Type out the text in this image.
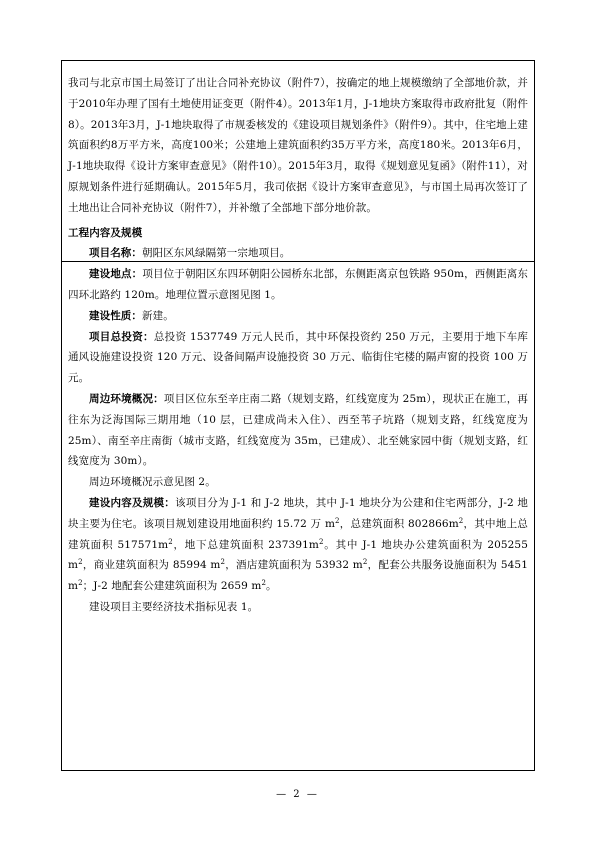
我司与北京市国土局签订了出让合同补充协议（附件7），按确定的地上规模缴纳了全部地价款，并于2010年办理了国有土地使用证变更（附件4）。2013年1月，J-1地块方案取得市政府批复（附件8）。2013年3月，J-1地块取得了市规委核发的《建设项目规划条件》（附件9）。其中，住宅地上建筑面积约8万平方米，高度100米；公建地上建筑面积约35万平方米，高度180米。2013年6月，J-1地块取得《设计方案审查意见》（附件10）。2015年3月，取得《规划意见复函》（附件11），对原规划条件进行延期确认。2015年5月，我司依据《设计方案审查意见》，与市国土局再次签订了土地出让合同补充协议（附件7），并补缴了全部地下部分地价款。

工程内容及规模

项目名称：朝阳区东风绿隔第一宗地项目。

建设地点：项目位于朝阳区东四环朝阳公园桥东北部，东侧距离京包铁路 950m，西侧距离东四环北路约 120m。地理位置示意图见图 1。

建设性质：新建。

项目总投资：总投资 1537749 万元人民币，其中环保投资约 250 万元，主要用于地下车库通风设施建设投资 120 万元、设备间隔声设施投资 30 万元、临街住宅楼的隔声窗的投资 100 万元。

周边环境概况：项目区位东至辛庄南二路（规划支路，红线宽度为 25m），现状正在施工，再往东为泛海国际三期用地（10 层，已建成尚未入住）、西至苇子坑路（规划支路，红线宽度为 25m）、南至辛庄南街（城市支路，红线宽度为 35m，已建成）、北至姚家园中街（规划支路，红线宽度为 30m）。

周边环境概况示意见图 2。

建设内容及规模：该项目分为 J-1 和 J-2 地块，其中 J-1 地块分为公建和住宅两部分，J-2 地块主要为住宅。该项目规划建设用地面积约 15.72 万 $m^2$，总建筑面积 $802866m^2$，其中地上总建筑面积 $517571m^2$，地下总建筑面积 $237391m^2$。其中 J-1 地块办公建筑面积为 205255 $m^2$，商业建筑面积为 85994 $m^2$，酒店建筑面积为 53932 $m^2$，配套公共服务设施面积为 5451 $m^2$；J-2 地配套公建建筑面积为 2659 $m^2$。

建设项目主要经济技术指标见表 1。

— 2 —
